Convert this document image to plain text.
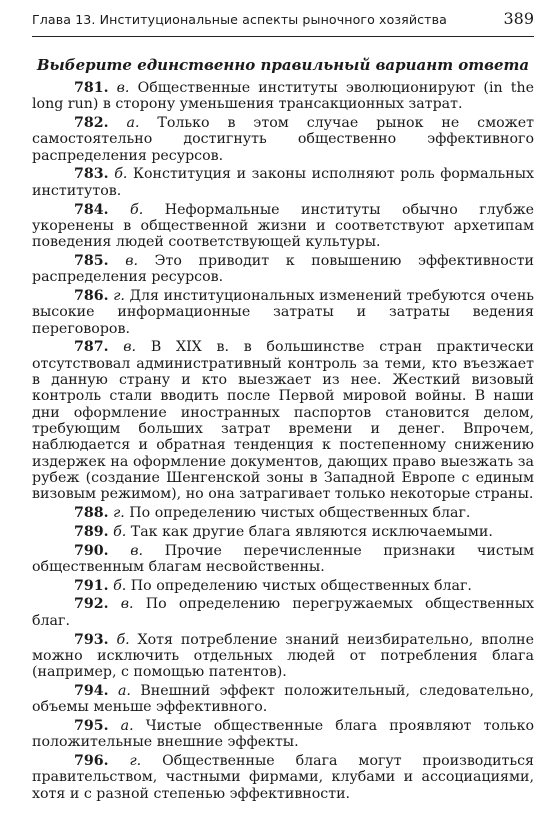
Глава 13. Институциональные аспекты рыночного хозяйства	389
Выберите единственно правильный вариант ответа

781. в. Общественные институты эволюционируют (in the long run) в сторону уменьшения трансакционных затрат.

782. а. Только в этом случае рынок не сможет самостоятельно достигнуть общественно эффективного распределения ресурсов.

783. б. Конституция и законы исполняют роль формальных институтов.

784. б. Неформальные институты обычно глубже укоренены в общественной жизни и соответствуют архетипам поведения людей соответствующей культуры.

785. в. Это приводит к повышению эффективности распределения ресурсов.

786. г. Для институциональных изменений требуются очень высокие информационные затраты и затраты ведения переговоров.

787. в. В XIX в. в большинстве стран практически отсутствовал административный контроль за теми, кто въезжает в данную страну и кто выезжает из нее. Жесткий визовый контроль стали вводить после Первой мировой войны. В наши дни оформление иностранных паспортов становится делом, требующим больших затрат времени и денег. Впрочем, наблюдается и обратная тенденция к постепенному снижению издержек на оформление документов, дающих право выезжать за рубеж (создание Шенгенской зоны в Западной Европе с единым визовым режимом), но она затрагивает только некоторые страны.

788. г. По определению чистых общественных благ.

789. б. Так как другие блага являются исключаемыми.

790. в. Прочие перечисленные признаки чистым общественным благам несвойственны.

791. б. По определению чистых общественных благ.

792. в. По определению перегружаемых общественных благ.

793. б. Хотя потребление знаний неизбирательно, вполне можно исключить отдельных людей от потребления блага (например, с помощью патентов).

794. а. Внешний эффект положительный, следовательно, объемы меньше эффективного.

795. а. Чистые общественные блага проявляют только положительные внешние эффекты.

796. г. Общественные блага могут производиться правительством, частными фирмами, клубами и ассоциациями, хотя и с разной степенью эффективности.
